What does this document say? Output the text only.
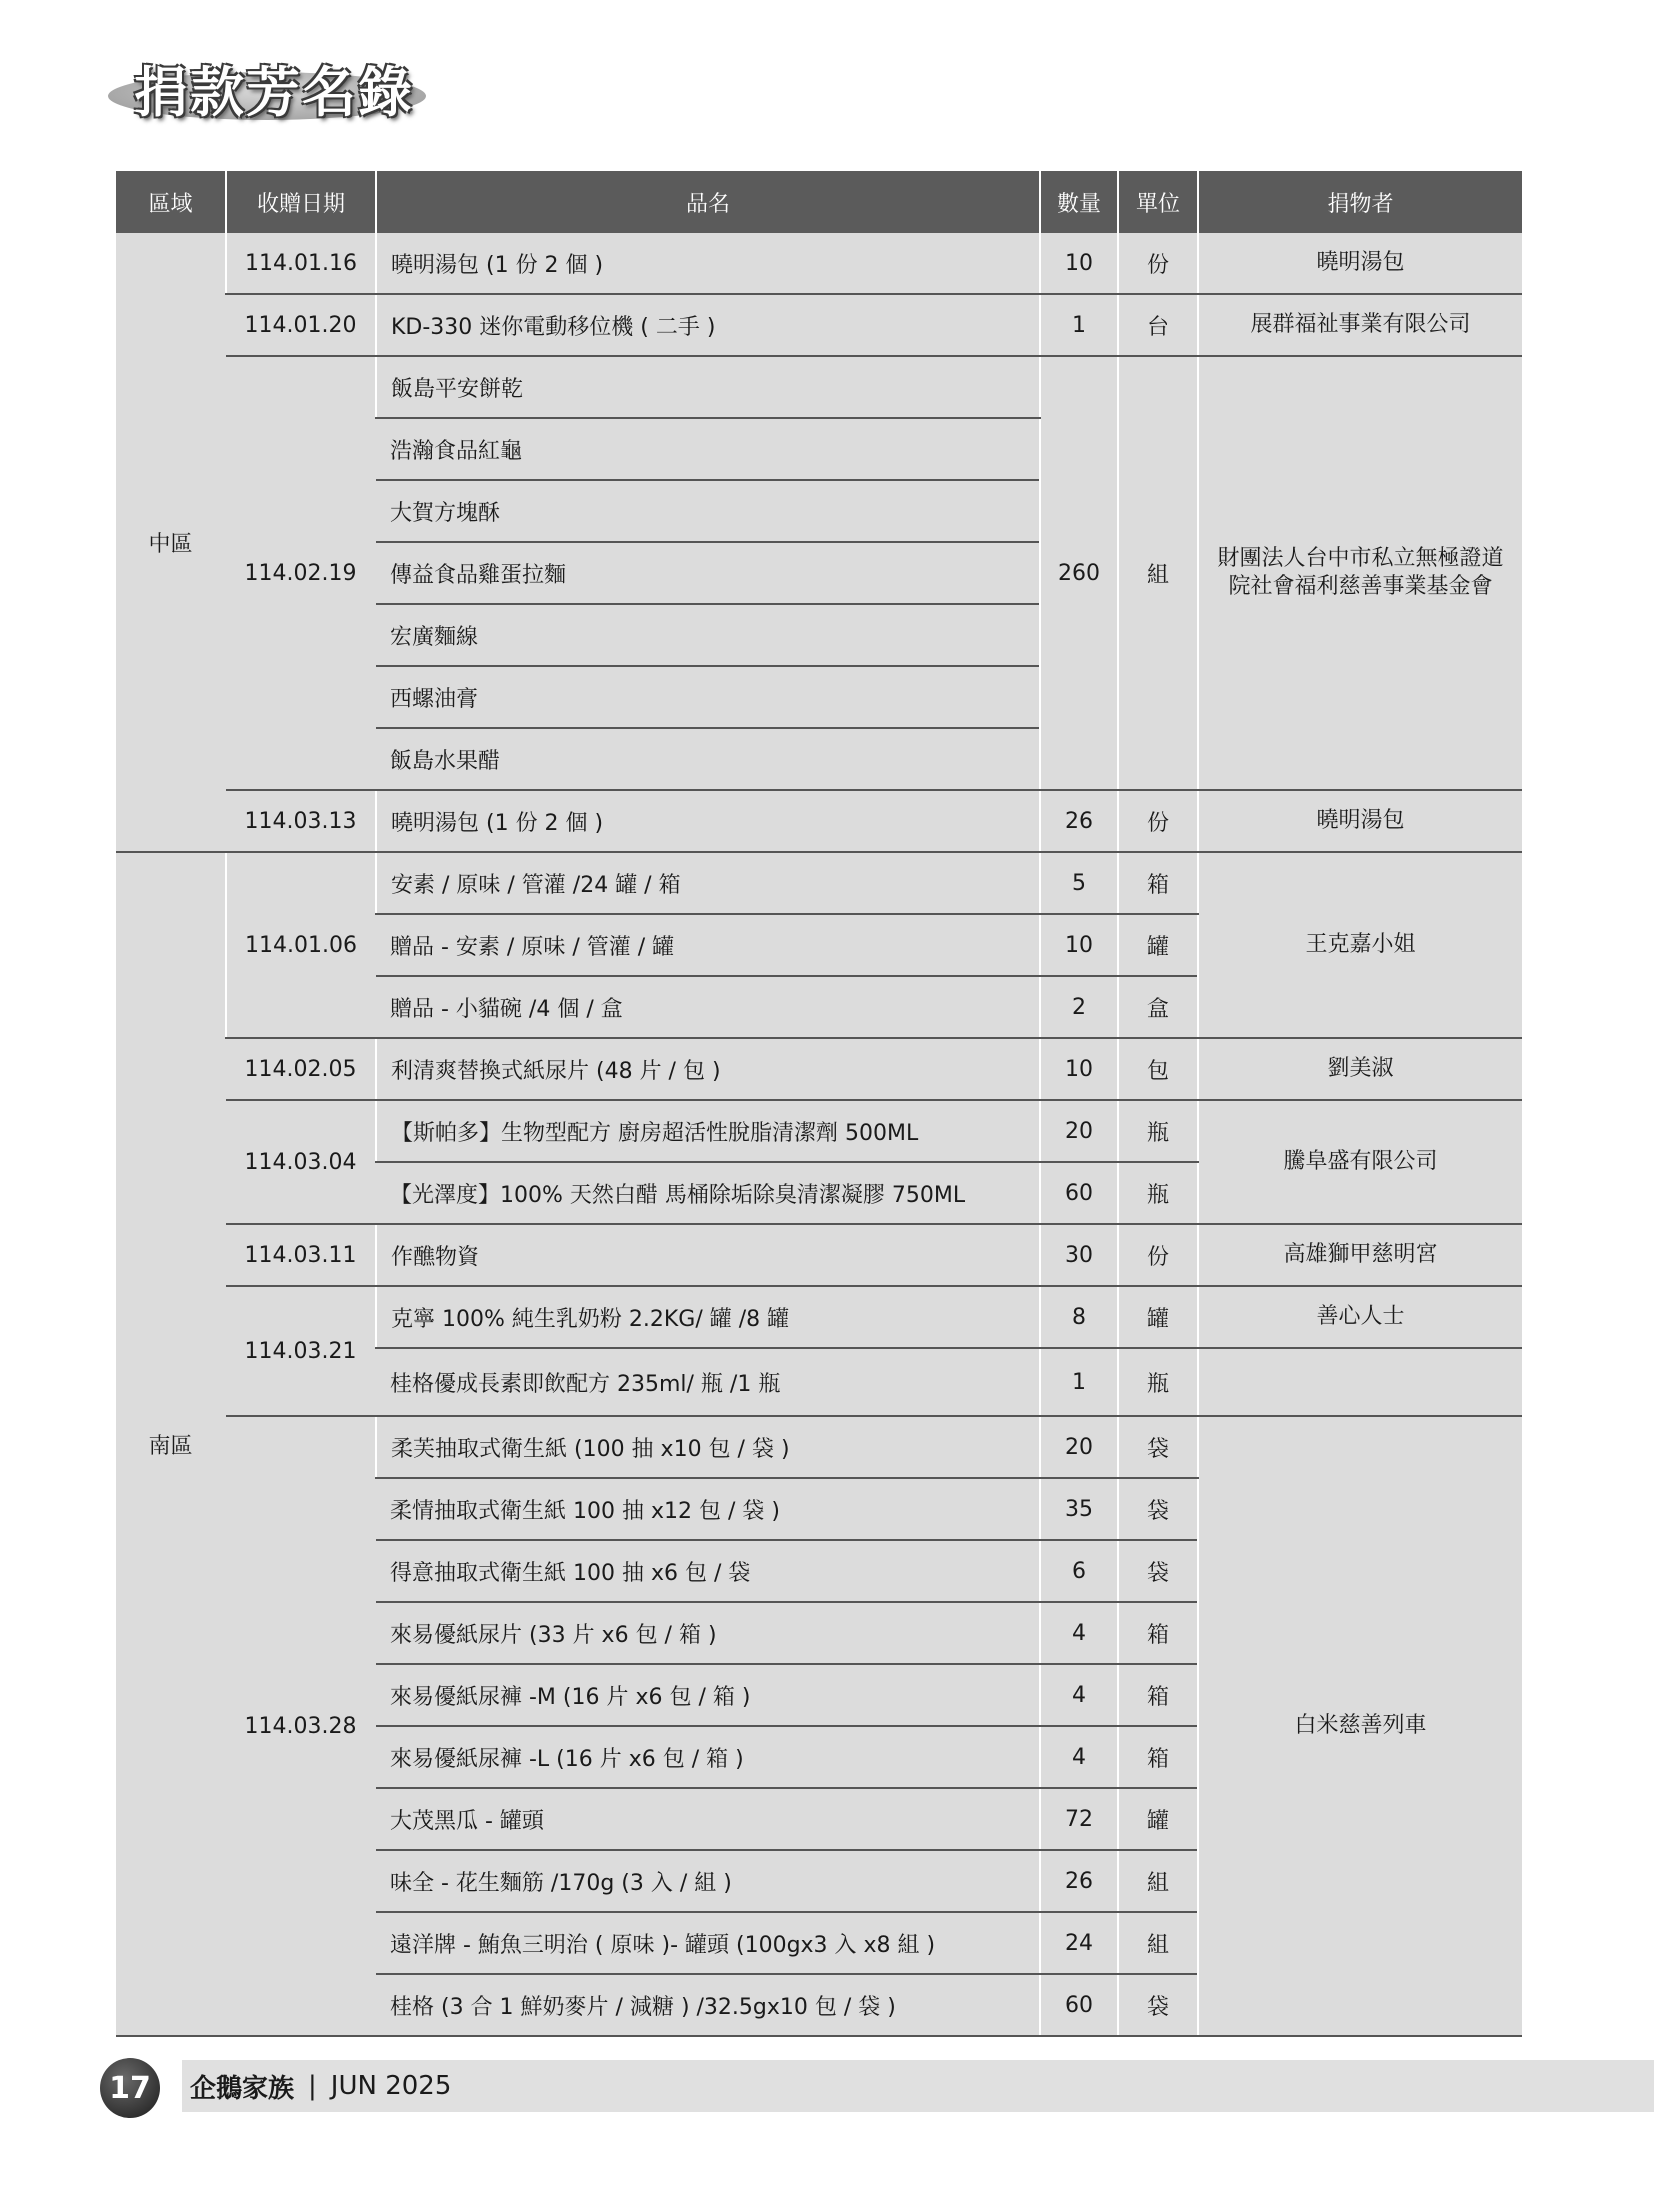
捐款芳名錄
區域	收贈日期	品名	數量	單位	捐物者
中區	114.01.16	曉明湯包 (1 份 2 個 )	10	份	曉明湯包
	114.01.20	KD-330 迷你電動移位機 ( 二手 )	1	台	展群福祉事業有限公司
	114.02.19	飯島平安餅乾	260	組	財團法人台中市私立無極證道院社會福利慈善事業基金會
		浩瀚食品紅龜			
		大賀方塊酥			
		傳益食品雞蛋拉麵			
		宏廣麵線			
		西螺油膏			
		飯島水果醋			
	114.03.13	曉明湯包 (1 份 2 個 )	26	份	曉明湯包
南區	114.01.06	安素 / 原味 / 管灌 /24 罐 / 箱	5	箱	王克嘉小姐
		贈品 - 安素 / 原味 / 管灌 / 罐	10	罐	
		贈品 - 小貓碗 /4 個 / 盒	2	盒	
	114.02.05	利清爽替換式紙尿片 (48 片 / 包 )	10	包	劉美淑
	114.03.04	【斯帕多】生物型配方 廚房超活性脫脂清潔劑 500ML	20	瓶	騰阜盛有限公司
		【光澤度】100% 天然白醋 馬桶除垢除臭清潔凝膠 750ML	60	瓶	
	114.03.11	作醮物資	30	份	高雄獅甲慈明宮
	114.03.21	克寧 100% 純生乳奶粉 2.2KG/ 罐 /8 罐	8	罐	善心人士
		桂格優成長素即飲配方 235ml/ 瓶 /1 瓶	1	瓶	
	114.03.28	柔芙抽取式衛生紙 (100 抽 x10 包 / 袋 )	20	袋	白米慈善列車
		柔情抽取式衛生紙 100 抽 x12 包 / 袋 )	35	袋	
		得意抽取式衛生紙 100 抽 x6 包 / 袋	6	袋	
		來易優紙尿片 (33 片 x6 包 / 箱 )	4	箱	
		來易優紙尿褲 -M (16 片 x6 包 / 箱 )	4	箱	
		來易優紙尿褲 -L (16 片 x6 包 / 箱 )	4	箱	
		大茂黑瓜 - 罐頭	72	罐	
		味全 - 花生麵筋 /170g (3 入 / 組 )	26	組	
		遠洋牌 - 鮪魚三明治 ( 原味 )- 罐頭 (100gx3 入 x8 組 )	24	組	
		桂格 (3 合 1 鮮奶麥片 / 減糖 ) /32.5gx10 包 / 袋 )	60	袋	
17	企鵝家族 | JUN 2025
